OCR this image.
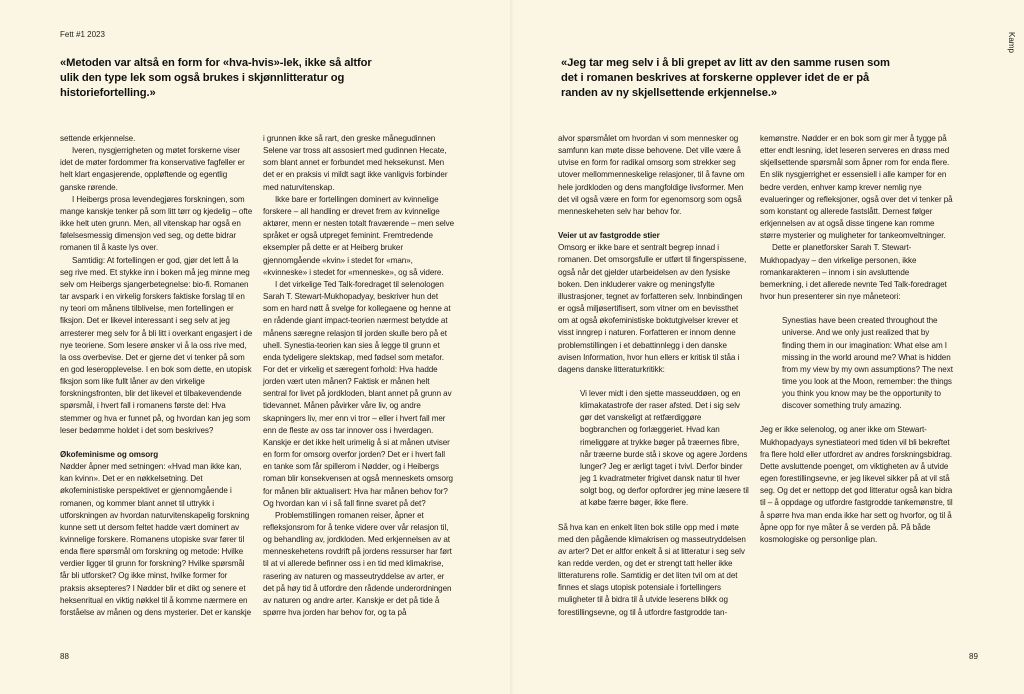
Fett #1 2023
«Metoden var altså en form for «hva-hvis»-lek, ikke så altfor ulik den type lek som også brukes i skjønnlitteratur og historiefortelling.»

settende erkjennelse.

Iveren, nysgjerrigheten og møtet forskerne viser idet de møter fordommer fra konservative fagfeller er helt klart engasjerende, oppløftende og egentlig ganske rørende.

I Heibergs prosa levendegjøres forskningen, som mange kanskje tenker på som litt tørr og kjedelig – ofte ikke helt uten grunn. Men, all vitenskap har også en følelsesmessig dimensjon ved seg, og dette bidrar romanen til å kaste lys over.

Samtidig: At fortellingen er god, gjør det lett å la seg rive med. Et stykke inn i boken må jeg minne meg selv om Heibergs sjangerbetegnelse: bio-fi. Romanen tar avspark i en virkelig forskers faktiske forslag til en ny teori om månens tilblivelse, men fortellingen er fiksjon. Det er likevel interessant i seg selv at jeg arresterer meg selv for å bli litt i overkant engasjert i de nye teoriene. Som lesere ønsker vi å la oss rive med, la oss overbevise. Det er gjerne det vi tenker på som en god leseropplevelse. I en bok som dette, en utopisk fiksjon som like fullt låner av den virkelige forskningsfronten, blir det likevel et tilbakevendende spørsmål, i hvert fall i romanens første del: Hva stemmer og hva er funnet på, og hvordan kan jeg som leser bedømme holdet i det som beskrives?

Økofeminisme og omsorg

Nødder åpner med setningen: «Hvad man ikke kan, kan kvinn». Det er en nøkkelsetning. Det økofeministiske perspektivet er gjennomgående i romanen, og kommer blant annet til uttrykk i utforskningen av hvordan naturvitenskapelig forskning kunne sett ut dersom feltet hadde vært dominert av kvinnelige forskere. Romanens utopiske svar fører til enda flere spørsmål om forskning og metode: Hvilke verdier ligger til grunn for forskning? Hvilke spørsmål får bli utforsket? Og ikke minst, hvilke former for praksis aksepteres? I Nødder blir et dikt og senere et heksenritual en viktig nøkkel til å komme nærmere en forståelse av månen og dens mysterier. Det er kanskje

i grunnen ikke så rart, den greske månegudinnen Selene var tross alt assosiert med gudinnen Hecate, som blant annet er forbundet med heksekunst. Men det er en praksis vi mildt sagt ikke vanligvis forbinder med naturvitenskap.

Ikke bare er fortellingen dominert av kvinnelige forskere – all handling er drevet frem av kvinnelige aktører, menn er nesten totalt fraværende – men selve språket er også utpreget feminint. Fremtredende eksempler på dette er at Heiberg bruker gjennomgående «kvin» i stedet for «man», «kvinneske» i stedet for «menneske», og så videre.

I det virkelige Ted Talk-foredraget til selenologen Sarah T. Stewart-Mukhopadyay, beskriver hun det som en hard nøtt å svelge for kollegaene og henne at en rådende giant impact-teorien nærmest betydde at månens særegne relasjon til jorden skulle bero på et uhell. Synestia-teorien kan sies å legge til grunn et enda tydeligere slektskap, med fødsel som metafor. For det er virkelig et særegent forhold: Hva hadde jorden vært uten månen? Faktisk er månen helt sentral for livet på jordkloden, blant annet på grunn av tidevannet. Månen påvirker våre liv, og andre skapningers liv, mer enn vi tror – eller i hvert fall mer enn de fleste av oss tar innover oss i hverdagen. Kanskje er det ikke helt urimelig å si at månen utviser en form for omsorg overfor jorden? Det er i hvert fall en tanke som får spillerom i Nødder, og i Heibergs roman blir konsekvensen at også menneskets omsorg for månen blir aktualisert: Hva har månen behov for? Og hvordan kan vi i så fall finne svaret på det?

Problemstillingen romanen reiser, åpner et refleksjonsrom for å tenke videre over vår relasjon til, og behandling av, jordkloden. Med erkjennelsen av at menneskehetens rovdrift på jordens ressurser har ført til at vi allerede befinner oss i en tid med klimakrise, rasering av naturen og masseutryddelse av arter, er det på høy tid å utfordre den rådende underordningen av naturen og andre arter. Kanskje er det på tide å spørre hva jorden har behov for, og ta på

88
Kamp
«Jeg tar meg selv i å bli grepet av litt av den samme rusen som det i romanen beskrives at forskerne opplever idet de er på randen av ny skjellsettende erkjennelse.»

alvor spørsmålet om hvordan vi som mennesker og samfunn kan møte disse behovene. Det ville være å utvise en form for radikal omsorg som strekker seg utover mellommenneskelige relasjoner, til å favne om hele jordkloden og dens mangfoldige livsformer. Men det vil også være en form for egenomsorg som også menneskeheten selv har behov for.

Veier ut av fastgrodde stier

Omsorg er ikke bare et sentralt begrep innad i romanen. Det omsorgsfulle er utført til fingerspissene, også når det gjelder utarbeidelsen av den fysiske boken. Den inkluderer vakre og meningsfylte illustrasjoner, tegnet av forfatteren selv. Innbindingen er også miljøsertifisert, som vitner om en bevissthet om at også økofeministiske boktutgivelser krever et visst inngrep i naturen. Forfatteren er innom denne problemstillingen i et debattinnlegg i den danske avisen Information, hvor hun ellers er kritisk til ståa i dagens danske litteraturkritikk:

Vi lever midt i den sjette masseuddøen, og en klimakatastrofe der raser afsted. Det i sig selv gør det vanskeligt at retfærdiggøre bogbranchen og forlæggeriet. Hvad kan rimeliggøre at trykke bøger på træernes fibre, når træerne burde stå i skove og agere Jordens lunger? Jeg er ærligt taget i tvivl. Derfor binder jeg 1 kvadratmeter frigivet dansk natur til hver solgt bog, og derfor opfordrer jeg mine læsere til at købe færre bøger, ikke flere.

Så hva kan en enkelt liten bok stille opp med i møte med den pågående klimakrisen og masseutryddelsen av arter? Det er altfor enkelt å si at litteratur i seg selv kan redde verden, og det er strengt tatt heller ikke litteraturens rolle. Samtidig er det liten tvil om at det finnes et slags utopisk potensiale i fortellingers muligheter til å bidra til å utvide leserens blikk og forestillingsevne, og til å utfordre fastgrodde tan-

kemønstre. Nødder er en bok som gir mer å tygge på etter endt lesning, idet leseren serveres en drøss med skjellsettende spørsmål som åpner rom for enda flere. En slik nysgjerrighet er essensiell i alle kamper for en bedre verden, enhver kamp krever nemlig nye evalueringer og refleksjoner, også over det vi tenker på som konstant og allerede fastslått. Dernest følger erkjennelsen av at også disse tingene kan romme større mysterier og muligheter for tankeomveltninger.

Dette er planetforsker Sarah T. Stewart-Mukhopadyay – den virkelige personen, ikke romankarakteren – innom i sin avsluttende bemerkning, i det allerede nevnte Ted Talk-foredraget hvor hun presenterer sin nye måneteori:

Synestias have been created throughout the universe. And we only just realized that by finding them in our imagination: What else am I missing in the world around me? What is hidden from my view by my own assumptions? The next time you look at the Moon, remember: the things you think you know may be the opportunity to discover something truly amazing.

Jeg er ikke selenolog, og aner ikke om Stewart-Mukhopadyays synestiateori med tiden vil bli bekreftet fra flere hold eller utfordret av andres forskningsbidrag. Dette avsluttende poenget, om viktigheten av å utvide egen forestillingsevne, er jeg likevel sikker på at vil stå seg. Og det er nettopp det god litteratur også kan bidra til – å oppdage og utfordre fastgrodde tankemønstre, til å spørre hva man enda ikke har sett og hvorfor, og til å åpne opp for nye måter å se verden på. På både kosmologiske og personlige plan.

89
